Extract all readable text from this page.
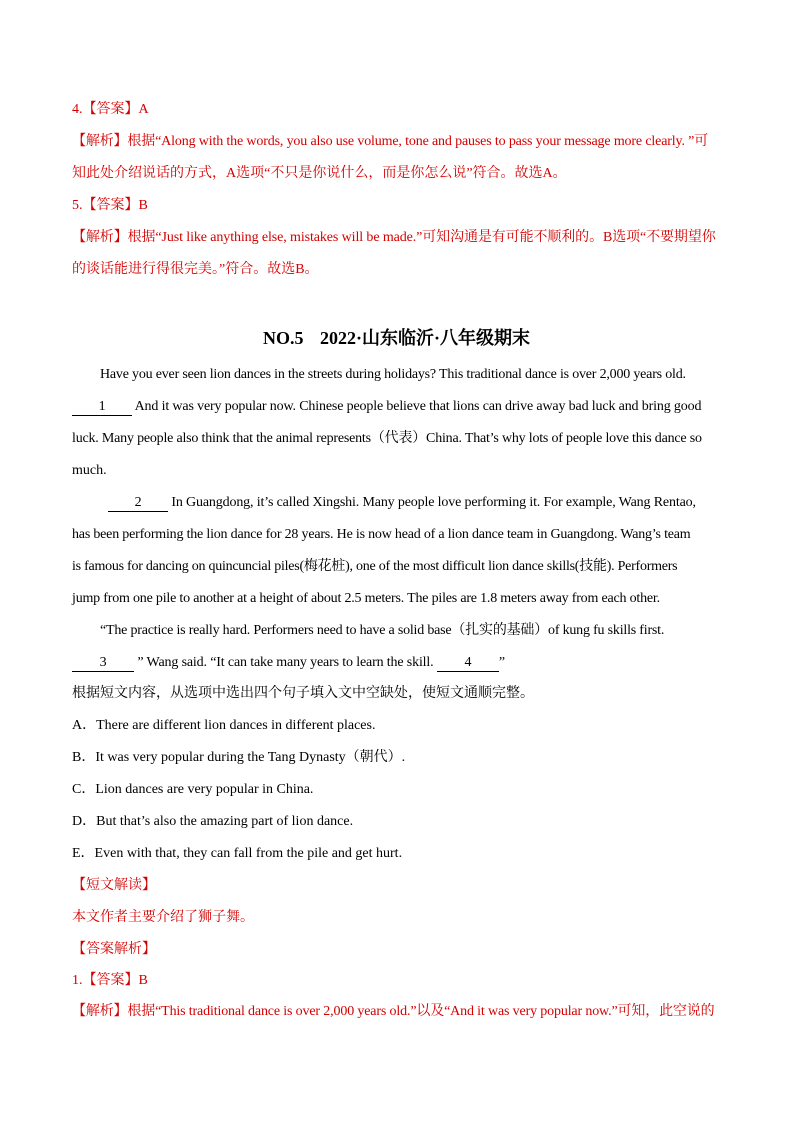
4.【答案】A
【解析】根据“Along with the words, you also use volume, tone and pauses to pass your message more clearly. ”可
知此处介绍说话的方式，A选项“不只是你说什么，而是你怎么说”符合。故选A。
5.【答案】B
【解析】根据“Just like anything else, mistakes will be made.”可知沟通是有可能不顺利的。B选项“不要期望你
的谈话能进行得很完美。”符合。故选B。
NO.5 2022·山东临沂·八年级期末
Have you ever seen lion dances in the streets during holidays? This traditional dance is over 2,000 years old.
1 And it was very popular now. Chinese people believe that lions can drive away bad luck and bring good
luck. Many people also think that the animal represents（代表）China. That’s why lots of people love this dance so
much.
2 In Guangdong, it’s called Xingshi. Many people love performing it. For example, Wang Rentao,
has been performing the lion dance for 28 years. He is now head of a lion dance team in Guangdong. Wang’s team
is famous for dancing on quincuncial piles(梅花桩), one of the most difficult lion dance skills(技能). Performers
jump from one pile to another at a height of about 2.5 meters. The piles are 1.8 meters away from each other.
“The practice is really hard. Performers need to have a solid base（扎实的基础）of kung fu skills first.
3 ” Wang said. “It can take many years to learn the skill. 4 ”
根据短文内容，从选项中选出四个句子填入文中空缺处，使短文通顺完整。
A．There are different lion dances in different places.
B．It was very popular during the Tang Dynasty（朝代）.
C．Lion dances are very popular in China.
D．But that’s also the amazing part of lion dance.
E．Even with that, they can fall from the pile and get hurt.
【短文解读】
本文作者主要介绍了狮子舞。
【答案解析】
1.【答案】B
【解析】根据“This traditional dance is over 2,000 years old.”以及“And it was very popular now.”可知，此空说的
